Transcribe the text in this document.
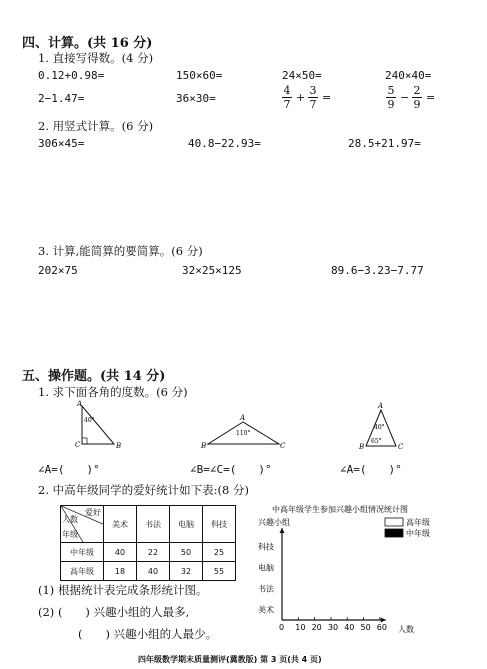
四、计算。(共 16 分)
1. 直接写得数。(4 分)
0.12+0.98=	150×60=	24×50=	240×40=
2−1.47=	36×30=	$\frac{4}{7} + \frac{3}{7}$ =	$\frac{5}{9} - \frac{2}{9}$ =
2. 用竖式计算。(6 分)
306×45=	40.8−22.93=	28.5+21.97=
3. 计算,能简算的要简算。(6 分)
202×75	32×25×125	89.6−3.23−7.77
五、操作题。(共 14 分)
1. 求下面各角的度数。(6 分)
A
C	B
40°	A
B	C
110°
A
B	C
40°
65°
∠A=(　　)°	∠B=∠C=(　　)°	∠A=(　　)°
2. 中高年级同学的爱好统计如下表:(8 分)
爱好
人数
年级	美术	书法	电脑	科技
中年级	40	22	50	25
高年级	18	40	32	55
(1) 根据统计表完成条形统计图。
(2) (　　) 兴趣小组的人最多,
(　　) 兴趣小组的人最少。
中高年级学生参加兴趣小组情况统计图
兴趣小组
人数
高年级
中年级
0 10 20 30 40 50 60
科技
电脑
书法
美术
四年级数学期末质量测评(冀教版) 第 3 页(共 4 页)
